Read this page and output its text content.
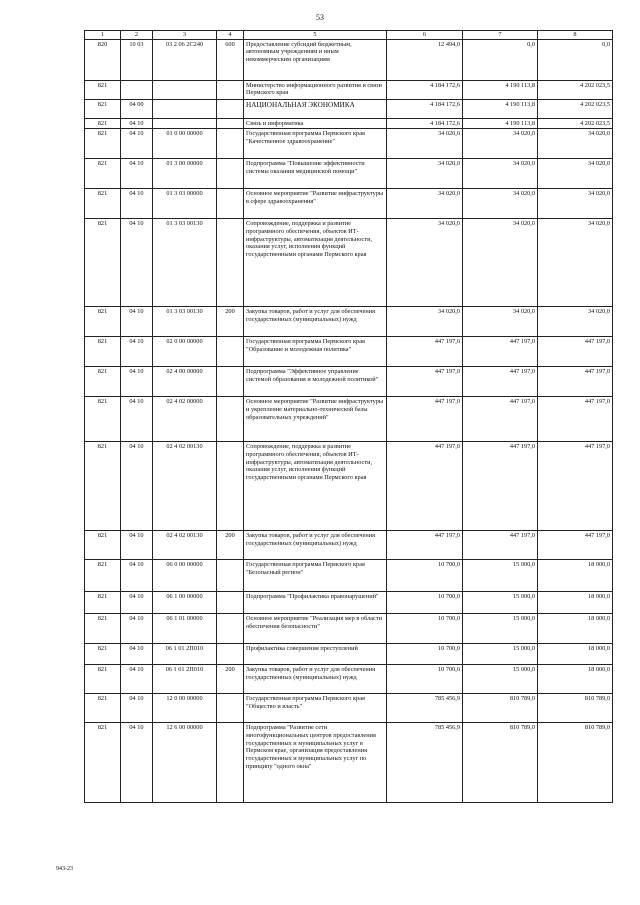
53
1	2	3	4	5	6	7	8
820	10 03	03 2 06 2C240	600	Предоставление субсидий бюджетным, автономным учреждениям и иным некоммерческим организациям	12 494,0	0,0	0,0
821				Министерство информационного развития и связи Пермского края	4 184 172,6	4 190 113,8	4 202 023,5
821	04 00			НАЦИОНАЛЬНАЯ ЭКОНОМИКА	4 184 172,6	4 190 113,8	4 202 023,5
821	04 10			Связь и информатика	4 184 172,6	4 190 113,8	4 202 023,5
821	04 10	01 0 00 00000		Государственная программа Пермского края "Качественное здравоохранение"	34 020,0	34 020,0	34 020,0
821	04 10	01 3 00 00000		Подпрограмма "Повышение эффективности системы оказания медицинской помощи"	34 020,0	34 020,0	34 020,0
821	04 10	01 3 03 00000		Основное мероприятие "Развитие инфраструктуры в сфере здравоохранения"	34 020,0	34 020,0	34 020,0
821	04 10	01 3 03 00130		Сопровождение, поддержка и развитие программного обеспечения, объектов ИТ-инфраструктуры, автоматизация деятельности, оказания услуг, исполнения функций государственными органами Пермского края	34 020,0	34 020,0	34 020,0
821	04 10	01 3 03 00130	200	Закупка товаров, работ и услуг для обеспечения государственных (муниципальных) нужд	34 020,0	34 020,0	34 020,0
821	04 10	02 0 00 00000		Государственная программа Пермского края "Образование и молодежная политика"	447 197,0	447 197,0	447 197,0
821	04 10	02 4 00 00000		Подпрограмма "Эффективное управление системой образования и молодежной политикой"	447 197,0	447 197,0	447 197,0
821	04 10	02 4 02 00000		Основное мероприятие "Развитие инфраструктуры и укрепление материально-технической базы образовательных учреждений"	447 197,0	447 197,0	447 197,0
821	04 10	02 4 02 00130		Сопровождение, поддержка и развитие программного обеспечения, объектов ИТ-инфраструктуры, автоматизация деятельности, оказания услуг, исполнения функций государственными органами Пермского края	447 197,0	447 197,0	447 197,0
821	04 10	02 4 02 00130	200	Закупка товаров, работ и услуг для обеспечения государственных (муниципальных) нужд	447 197,0	447 197,0	447 197,0
821	04 10	06 0 00 00000		Государственная программа Пермского края "Безопасный регион"	10 700,0	15 000,0	18 000,0
821	04 10	06 1 00 00000		Подпрограмма "Профилактика правонарушений"	10 700,0	15 000,0	18 000,0
821	04 10	06 1 01 00000		Основное мероприятие "Реализация мер в области обеспечения безопасности"	10 700,0	15 000,0	18 000,0
821	04 10	06 1 01 2П010		Профилактика совершения преступлений	10 700,0	15 000,0	18 000,0
821	04 10	06 1 01 2П010	200	Закупка товаров, работ и услуг для обеспечения государственных (муниципальных) нужд	10 700,0	15 000,0	18 000,0
821	04 10	12 0 00 00000		Государственная программа Пермского края "Общество и власть"	785 456,9	810 789,0	810 789,0
821	04 10	12 6 00 00000		Подпрограмма "Развитие сети многофункциональных центров предоставления государственных и муниципальных услуг в Пермском крае, организация предоставления государственных и муниципальных услуг по принципу "одного окна"	785 456,9	810 789,0	810 789,0
943-23
